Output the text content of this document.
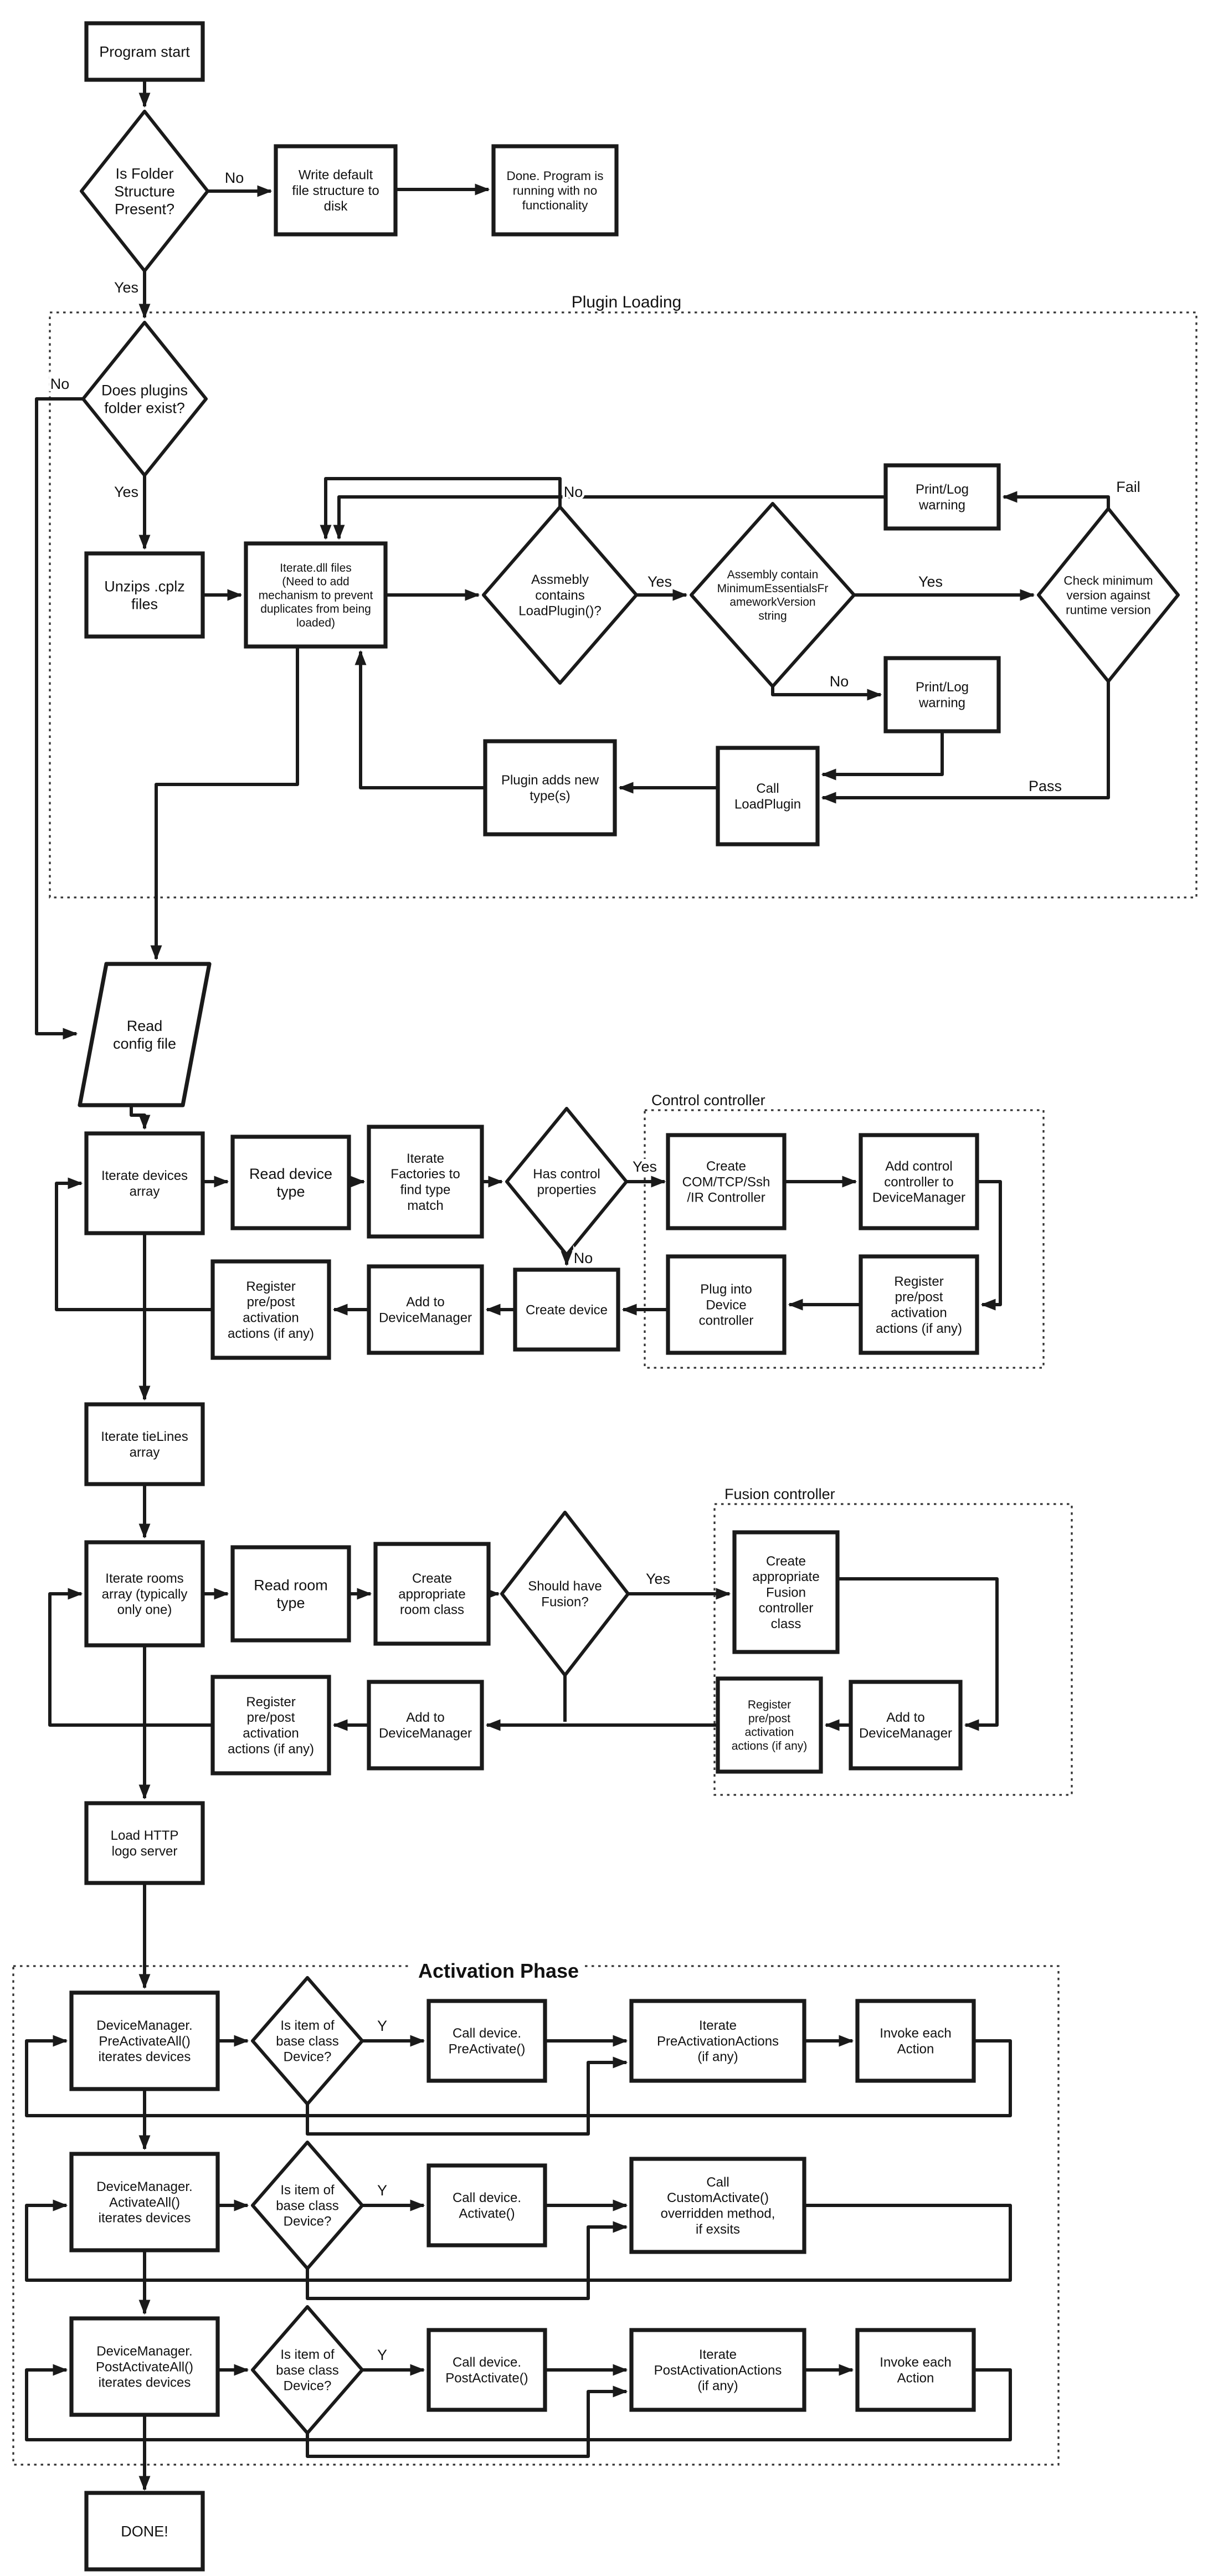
Program start
Is Folder Structure Present?
Write default file structure to disk
Done. Program is running with no functionality
Does plugins folder exist?
Unzips .cplz files
Iterate.dll files (Need to add mechanism to prevent duplicates from being loaded)
Assmebly contains LoadPlugin()?
Assembly contain MinimumEssentialsFr ameworkVersion string
Check minimum version against runtime version
Print/Log warning
Print/Log warning
Call LoadPlugin
Plugin adds new type(s)
Read config file
Iterate devices array
Read device type
Iterate Factories to find type match
Has control properties
Create COM/TCP/Ssh /IR Controller
Add control controller to DeviceManager
Register pre/post activation actions (if any)
Plug into Device controller
Create device
Add to DeviceManager
Register pre/post activation actions (if any)
Iterate tieLines array
Iterate rooms array (typically only one)
Read room type
Create appropriate room class
Should have Fusion?
Create appropriate Fusion controller class
Add to DeviceManager
Register pre/post activation actions (if any)
Add to DeviceManager
Register pre/post activation actions (if any)
Load HTTP logo server
DeviceManager. PreActivateAll() iterates devices
Is item of base class Device?
Call device. PreActivate()
Iterate PreActivationActions (if any)
Invoke each Action
DeviceManager. ActivateAll() iterates devices
Is item of base class Device?
Call device. Activate()
Call CustomActivate() overridden method, if exsits
DeviceManager. PostActivateAll() iterates devices
Is item of base class Device?
Call device. PostActivate()
Iterate PostActivationActions (if any)
Invoke each Action
DONE!
No
Yes
Yes
No
Yes	Yes
No
Fail
No
Pass
Yes
No
Yes
Y
Y
Y
Plugin Loading
Control controller
Fusion controller
Activation Phase
